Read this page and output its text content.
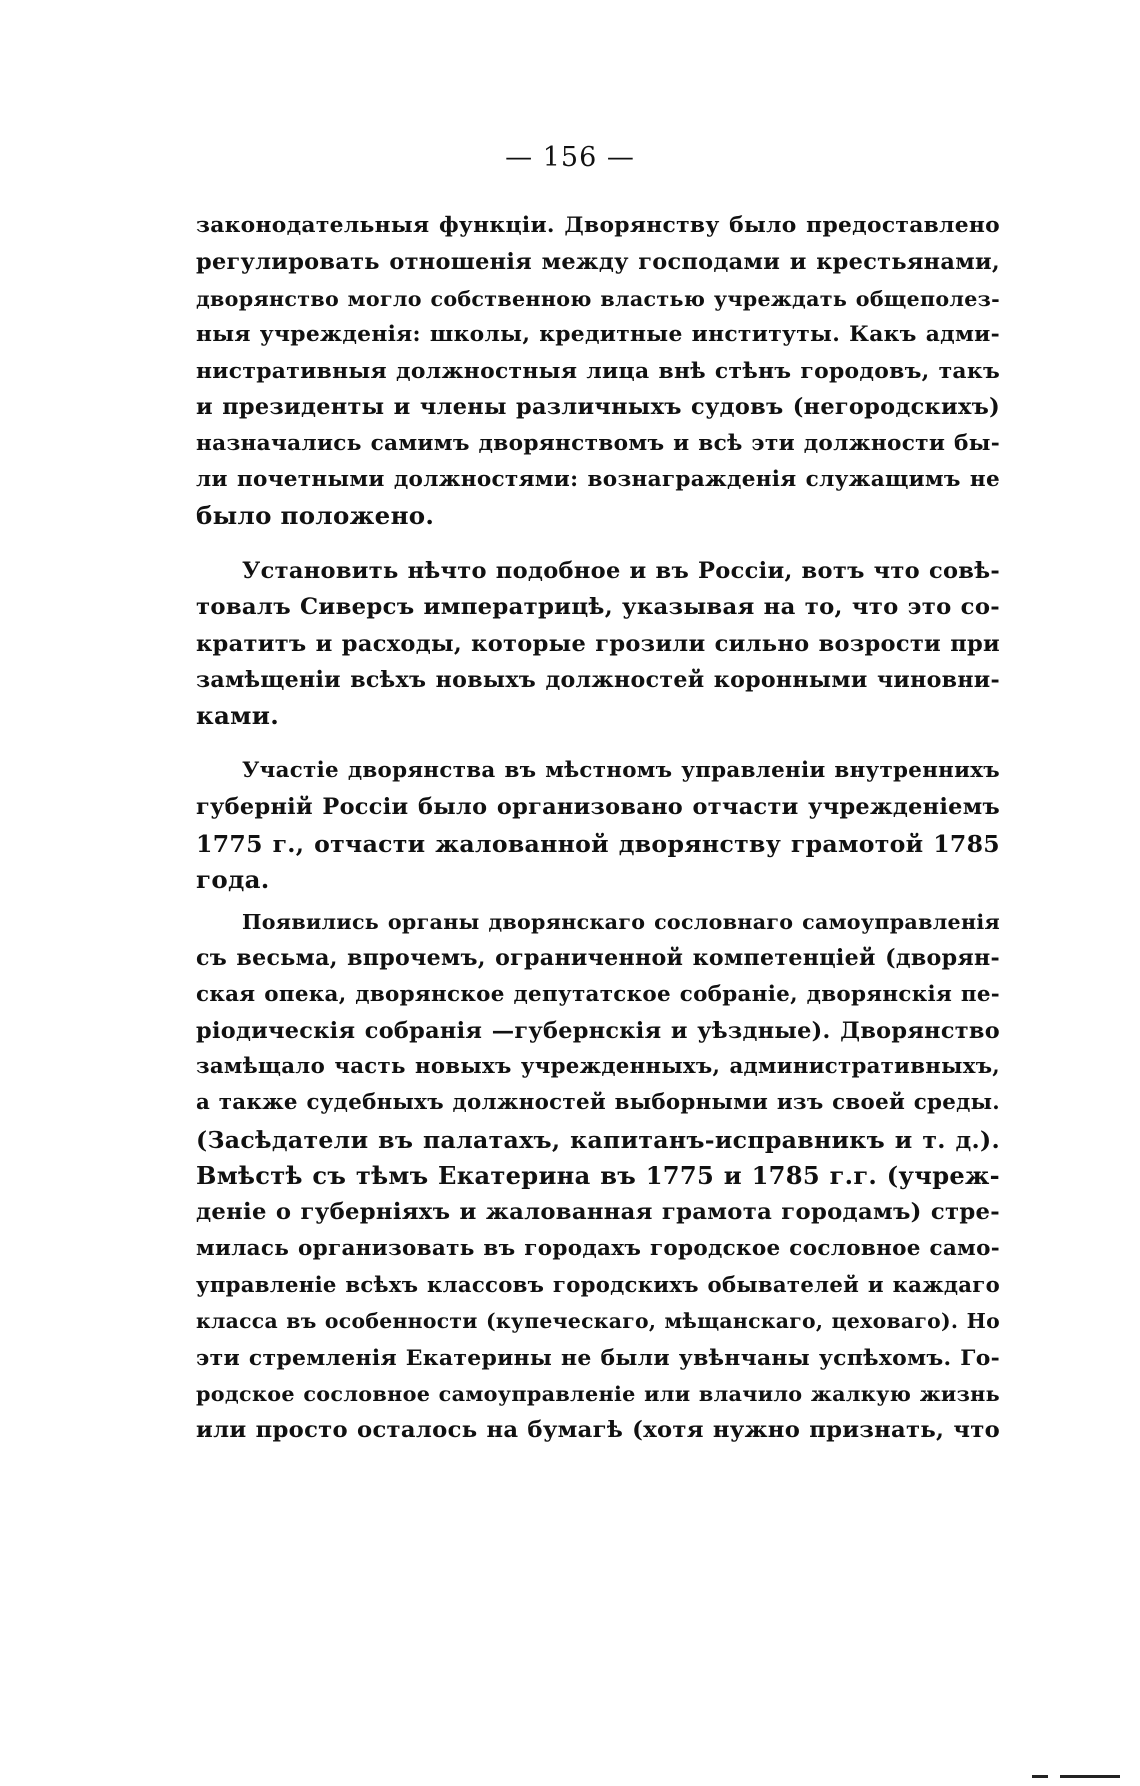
— 156 —
законодательныя функціи. Дворянству было предоставлено
регулировать отношенія между господами и крестьянами,
дворянство могло собственною властью учреждать общеполез-
ныя учрежденія: школы, кредитные институты. Какъ адми-
нистративныя должностныя лица внѣ стѣнъ городовъ, такъ
и президенты и члены различныхъ судовъ (негородскихъ)
назначались самимъ дворянствомъ и всѣ эти должности бы-
ли почетными должностями: вознагражденія служащимъ не
было положено.
Установить нѣчто подобное и въ Россіи, вотъ что совѣ-
товалъ Сиверсъ императрицѣ, указывая на то, что это со-
кратитъ и расходы, которые грозили сильно возрости при
замѣщеніи всѣхъ новыхъ должностей коронными чиновни-
ками.
Участіе дворянства въ мѣстномъ управленіи внутреннихъ
губерній Россіи было организовано отчасти учрежденіемъ
1775 г., отчасти жалованной дворянству грамотой 1785
года.
Появились органы дворянскаго сословнаго самоуправленія
съ весьма, впрочемъ, ограниченной компетенціей (дворян-
ская опека, дворянское депутатское собраніе, дворянскія пе-
ріодическія собранія —губернскія и уѣздные). Дворянство
замѣщало часть новыхъ учрежденныхъ, административныхъ,
а также судебныхъ должностей выборными изъ своей среды.
(Засѣдатели въ палатахъ, капитанъ-исправникъ и т. д.).
Вмѣстѣ съ тѣмъ Екатерина въ 1775 и 1785 г.г. (учреж-
деніе о губерніяхъ и жалованная грамота городамъ) стре-
милась организовать въ городахъ городское сословное само-
управленіе всѣхъ классовъ городскихъ обывателей и каждаго
класса въ особенности (купеческаго, мѣщанскаго, цеховаго). Но
эти стремленія Екатерины не были увѣнчаны успѣхомъ. Го-
родское сословное самоуправленіе или влачило жалкую жизнь
или просто осталось на бумагѣ (хотя нужно признать, что
